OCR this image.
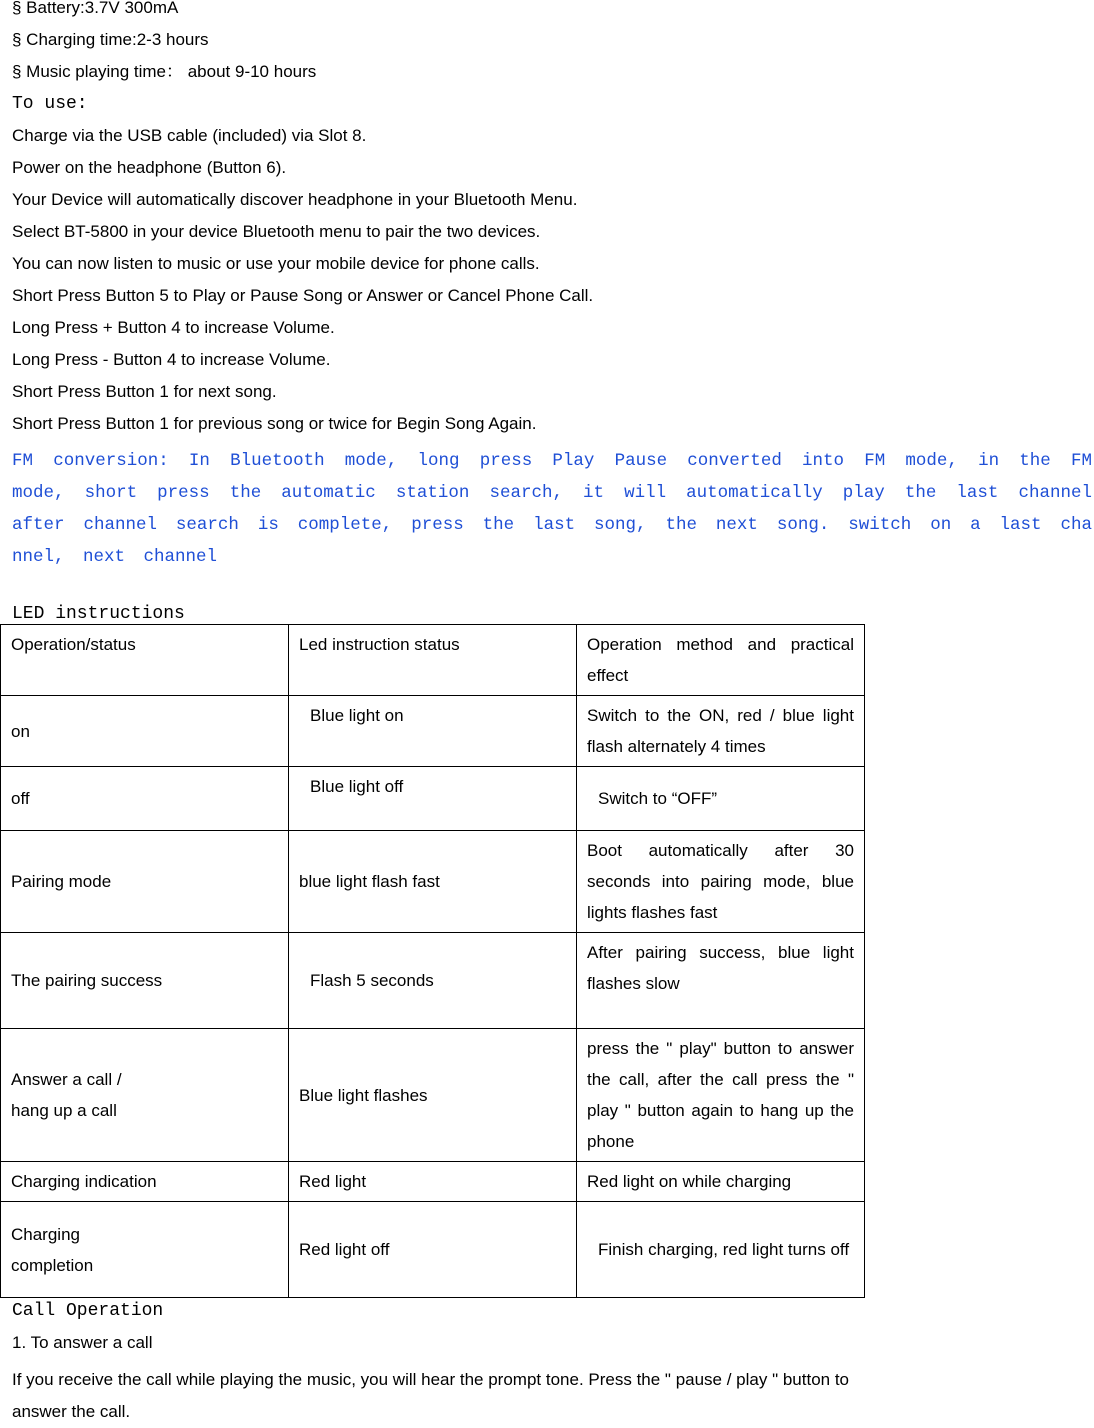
§ Battery:3.7V 300mA
§ Charging time:2-3 hours
§ Music playing time： about 9-10 hours
To use:
Charge via the USB cable (included) via Slot 8.
Power on the headphone (Button 6).
Your Device will automatically discover headphone in your Bluetooth Menu.
Select BT-5800 in your device Bluetooth menu to pair the two devices.
You can now listen to music or use your mobile device for phone calls.
Short Press Button 5 to Play or Pause Song or Answer or Cancel Phone Call.
Long Press + Button 4 to increase Volume.
Long Press - Button 4 to increase Volume.
Short Press Button 1 for next song.
Short Press Button 1 for previous song or twice for Begin Song Again.
FM conversion: In Bluetooth mode, long press Play Pause converted into FM mode, in the FM mode, short press the automatic station search, it will automatically play the last channel after channel search is complete, press the last song, the next song. switch on a last channel, next channel
LED instructions
Operation/status	Led instruction status	Operation method and practical effect
on	Blue light on	Switch to the ON, red / blue light flash alternately 4 times
off	Blue light off	Switch to “OFF”
Pairing mode	blue light flash fast	Boot automatically after 30 seconds into pairing mode, blue lights flashes fast
The pairing success	Flash 5 seconds	After pairing success, blue light flashes slow

Answer a call / hang up a call	Blue light flashes	press the " play" button to answer the call, after the call press the " play " button again to hang up the phone
Charging indication	Red light	Red light on while charging

Charging completion	Red light off	Finish charging, red light turns off
Call Operation
1. To answer a call
If you receive the call while playing the music, you will hear the prompt tone. Press the " pause / play " button to answer the call.
